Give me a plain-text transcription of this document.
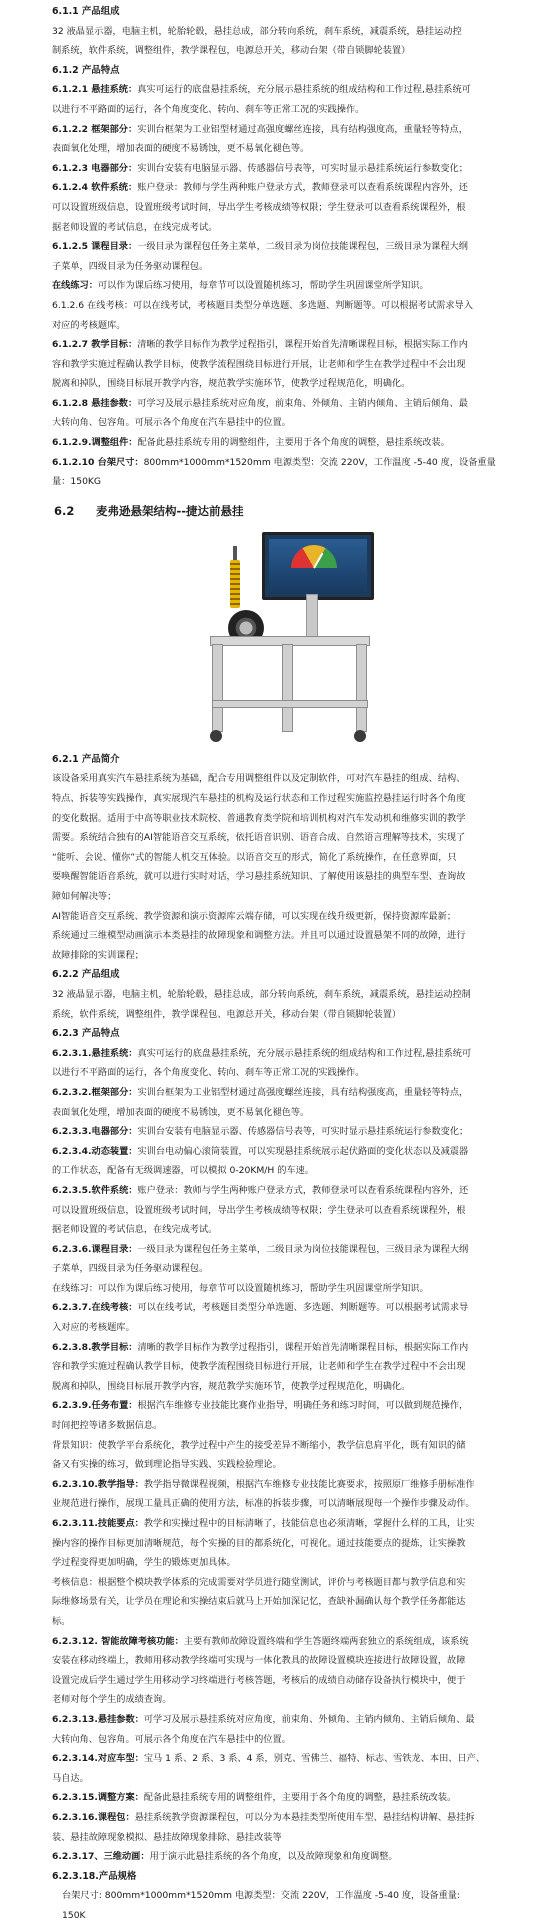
6.1.1 产品组成

32 液晶显示器，电脑主机，轮胎轮毂，悬挂总成，部分转向系统，刹车系统，减震系统，悬挂运动控

制系统，软件系统，调整组件，教学课程包，电源总开关，移动台架（带自锁脚轮装置）

6.1.2 产品特点

6.1.2.1 悬挂系统：真实可运行的底盘悬挂系统，充分展示悬挂系统的组成结构和工作过程,悬挂系统可

以进行不平路面的运行，各个角度变化、转向、刹车等正常工况的实践操作。

6.1.2.2 框架部分：实训台框架为工业铝型材通过高强度螺丝连接，具有结构强度高，重量轻等特点，

表面氧化处理，增加表面的硬度不易锈蚀，更不易氧化褪色等。

6.1.2.3 电器部分：实训台安装有电脑显示器、传感器信号表等，可实时显示悬挂系统运行参数变化；

6.1.2.4 软件系统：账户登录：教师与学生两种账户登录方式，教师登录可以查看系统课程内容外，还

可以设置班级信息，设置班级考试时间，导出学生考核成绩等权限；学生登录可以查看系统课程外，根

据老师设置的考试信息，在线完成考试。

6.1.2.5 课程目录：一级目录为课程包任务主菜单，二级目录为岗位技能课程包，三级目录为课程大纲

子菜单，四级目录为任务驱动课程包。

在线练习：可以作为课后练习使用，每章节可以设置随机练习，帮助学生巩固课堂所学知识。

6.1.2.6 在线考核：可以在线考试，考核题目类型分单选题、多选题、判断题等。可以根据考试需求导入

对应的考核题库。

6.1.2.7 教学目标：清晰的教学目标作为教学过程指引，课程开始首先清晰课程目标，根据实际工作内

容和教学实施过程确认教学目标，使教学流程围绕目标进行开展，让老师和学生在教学过程中不会出现

脱离和掉队，围绕目标展开教学内容，规范教学实施环节，使教学过程规范化，明确化。

6.1.2.8 悬挂参数：可学习及展示悬挂系统对应角度，前束角、外倾角、主销内倾角、主销后倾角、最

大转向角、包容角。可展示各个角度在汽车悬挂中的位置。

6.1.2.9.调整组件：配备此悬挂系统专用的调整组件，主要用于各个角度的调整，悬挂系统改装。

6.1.2.10 台架尺寸：800mm*1000mm*1520mm 电源类型：交流 220V，工作温度 -5-40 度，设备重量

量：150KG

6.2 麦弗逊悬架结构--捷达前悬挂

6.2.1 产品简介

该设备采用真实汽车悬挂系统为基础，配合专用调整组件以及定制软件，可对汽车悬挂的组成、结构、

特点、拆装等实践操作，真实展现汽车悬挂的机构及运行状态和工作过程实施监控悬挂运行时各个角度

的变化数据。适用于中高等职业技术院校、普通教育类学院和培训机构对汽车发动机和维修实训的教学

需要。系统结合独有的AI智能语音交互系统，依托语音识别、语音合成、自然语言理解等技术，实现了

“能听、会说、懂你”式的智能人机交互体验。以语音交互的形式，简化了系统操作，在任意界面，只

要唤醒智能语音系统，就可以进行实时对话，学习悬挂系统知识、了解使用该悬挂的典型车型、查询故

障如何解决等；

AI智能语音交互系统、教学资源和演示资源库云端存储，可以实现在线升级更新，保持资源库最新；

系统通过三维模型动画演示本类悬挂的故障现象和调整方法。并且可以通过设置悬架不同的故障，进行

故障排除的实训课程；

6.2.2 产品组成

32 液晶显示器，电脑主机，轮胎轮毂，悬挂总成，部分转向系统，刹车系统，减震系统，悬挂运动控制

系统，软件系统，调整组件，教学课程包、电源总开关，移动台架（带自锁脚轮装置）

6.2.3 产品特点

6.2.3.1.悬挂系统：真实可运行的底盘悬挂系统，充分展示悬挂系统的组成结构和工作过程,悬挂系统可

以进行不平路面的运行，各个角度变化、转向、刹车等正常工况的实践操作。

6.2.3.2.框架部分：实训台框架为工业铝型材通过高强度螺丝连接，具有结构强度高，重量轻等特点，

表面氧化处理，增加表面的硬度不易锈蚀，更不易氧化褪色等。

6.2.3.3.电器部分：实训台安装有电脑显示器、传感器信号表等，可实时显示悬挂系统运行参数变化；

6.2.3.4.动态装置：实训台电动偏心滚筒装置，可以实现悬挂系统展示起伏路面的变化状态以及减震器

的工作状态，配备有无级调速器，可以模拟 0-20KM/H 的车速。

6.2.3.5.软件系统：账户登录：教师与学生两种账户登录方式，教师登录可以查看系统课程内容外，还

可以设置班级信息，设置班级考试时间，导出学生考核成绩等权限；学生登录可以查看系统课程外，根

据老师设置的考试信息，在线完成考试。

6.2.3.6.课程目录：一级目录为课程包任务主菜单，二级目录为岗位技能课程包，三级目录为课程大纲

子菜单，四级目录为任务驱动课程包。

在线练习：可以作为课后练习使用，每章节可以设置随机练习，帮助学生巩固课堂所学知识。

6.2.3.7.在线考核：可以在线考试，考核题目类型分单选题、多选题、判断题等。可以根据考试需求导

入对应的考核题库。

6.2.3.8.教学目标：清晰的教学目标作为教学过程指引，课程开始首先清晰课程目标，根据实际工作内

容和教学实施过程确认教学目标，使教学流程围绕目标进行开展，让老师和学生在教学过程中不会出现

脱离和掉队，围绕目标展开教学内容，规范教学实施环节，使教学过程规范化，明确化。

6.2.3.9.任务布置：根据汽车维修专业技能比赛作业指导，明确任务和练习时间，可以做到规范操作，

时间把控等诸多数据信息。

背景知识：使教学平台系统化，教学过程中产生的接受差异不断缩小，教学信息肩平化，既有知识的储

备又有实操的练习，做到理论指导实践、实践检验理论。

6.2.3.10.教学指导：教学指导微课程视频，根据汽车维修专业技能比赛要求，按照原厂维修手册标准作

业规范进行操作，展现工量具正确的使用方法，标准的拆装步骤，可以清晰展现每一个操作步骤及动作。

6.2.3.11.技能要点：教学和实操过程中的目标清晰了，技能信息也必须清晰，掌握什么样的工具，让实

操内容的操作目标更加清晰规范，每个实操的目的都系统化，可视化。通过技能要点的提炼，让实操教

学过程变得更加明确，学生的锻炼更加具体。

考核信息：根据整个模块教学体系的完成需要对学员进行随堂测试，评价与考核题目都与教学信息和实

际维修场景有关，让学员在理论和实操结束后就马上开始加深记忆，查缺补漏确认每个教学任务都能达

标。

6.2.3.12. 智能故障考核功能：主要有教师故障设置终端和学生答题终端两套独立的系统组成，该系统

安装在移动终端上，教师用移动教学终端可实现与一体化教具的故障设置模块连接进行故障设置，故障

设置完成后学生通过学生用移动学习终端进行考核答题，考核后的成绩自动储存设备执行模块中，便于

老师对每个学生的成绩查询。

6.2.3.13.悬挂参数：可学习及展示悬挂系统对应角度，前束角、外倾角、主销内倾角、主销后倾角、最

大转向角、包容角。可展示各个角度在汽车悬挂中的位置。

6.2.3.14.对应车型：宝马 1 系、2 系、3 系、4 系，别克、雪佛兰、福特、标志、雪铁龙、本田、日产、

马自达。

6.2.3.15.调整方案：配备此悬挂系统专用的调整组件，主要用于各个角度的调整，悬挂系统改装。

6.2.3.16.课程包：悬挂系统教学资源课程包，可以分为本悬挂类型所使用车型、悬挂结构讲解、悬挂拆

装、悬挂故障现象模拟、悬挂故障现象排除、悬挂改装等

6.2.3.17、三维动画：用于演示此悬挂系统的各个角度，以及故障现象和角度调整。

6.2.3.18.产品规格

台架尺寸: 800mm*1000mm*1520mm 电源类型：交流 220V，工作温度 -5-40 度，设备重量:

150K
